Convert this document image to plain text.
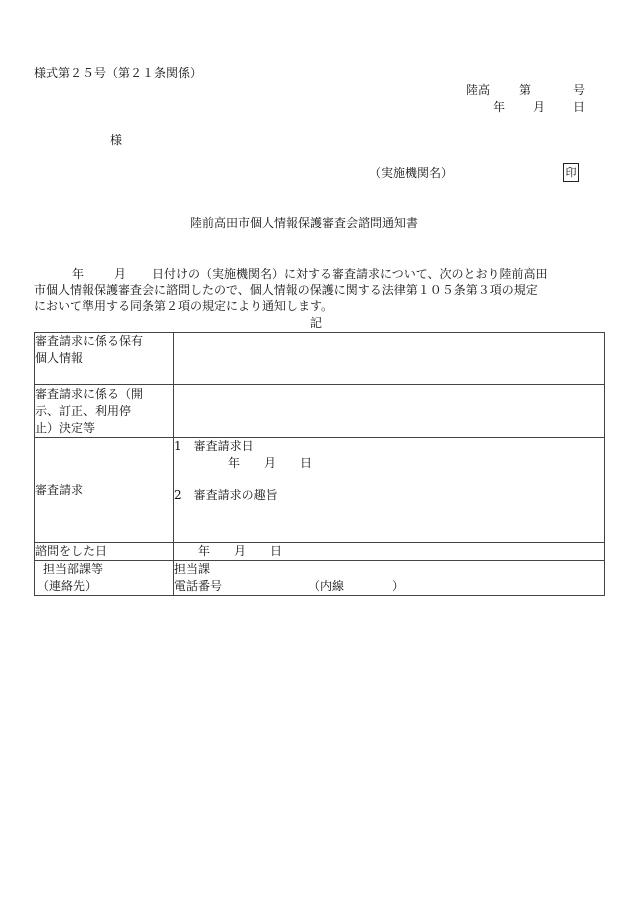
様式第２５号（第２１条関係）
陸高 第	号
年 月 日
様
（実施機関名）	印
陸前高田市個人情報保護審査会諮問通知書
年	月 日付けの（実施機関名）に対する審査請求について、次のとおり陸前高田
市個人情報保護審査会に諮問したので、個人情報の保護に関する法律第１０５条第３項の規定
において準用する同条第２項の規定により通知します。
記
審査請求に係る保有
個人情報	

審査請求に係る（開
示、訂正、利用停
止）決定等	

審査請求	1　審査請求日
年　　月　　日
2　審査請求の趣旨

諮問をした日	年　　月　　日

担当部課等
（連絡先）	担当課
電話番号 （内線　　　　）
